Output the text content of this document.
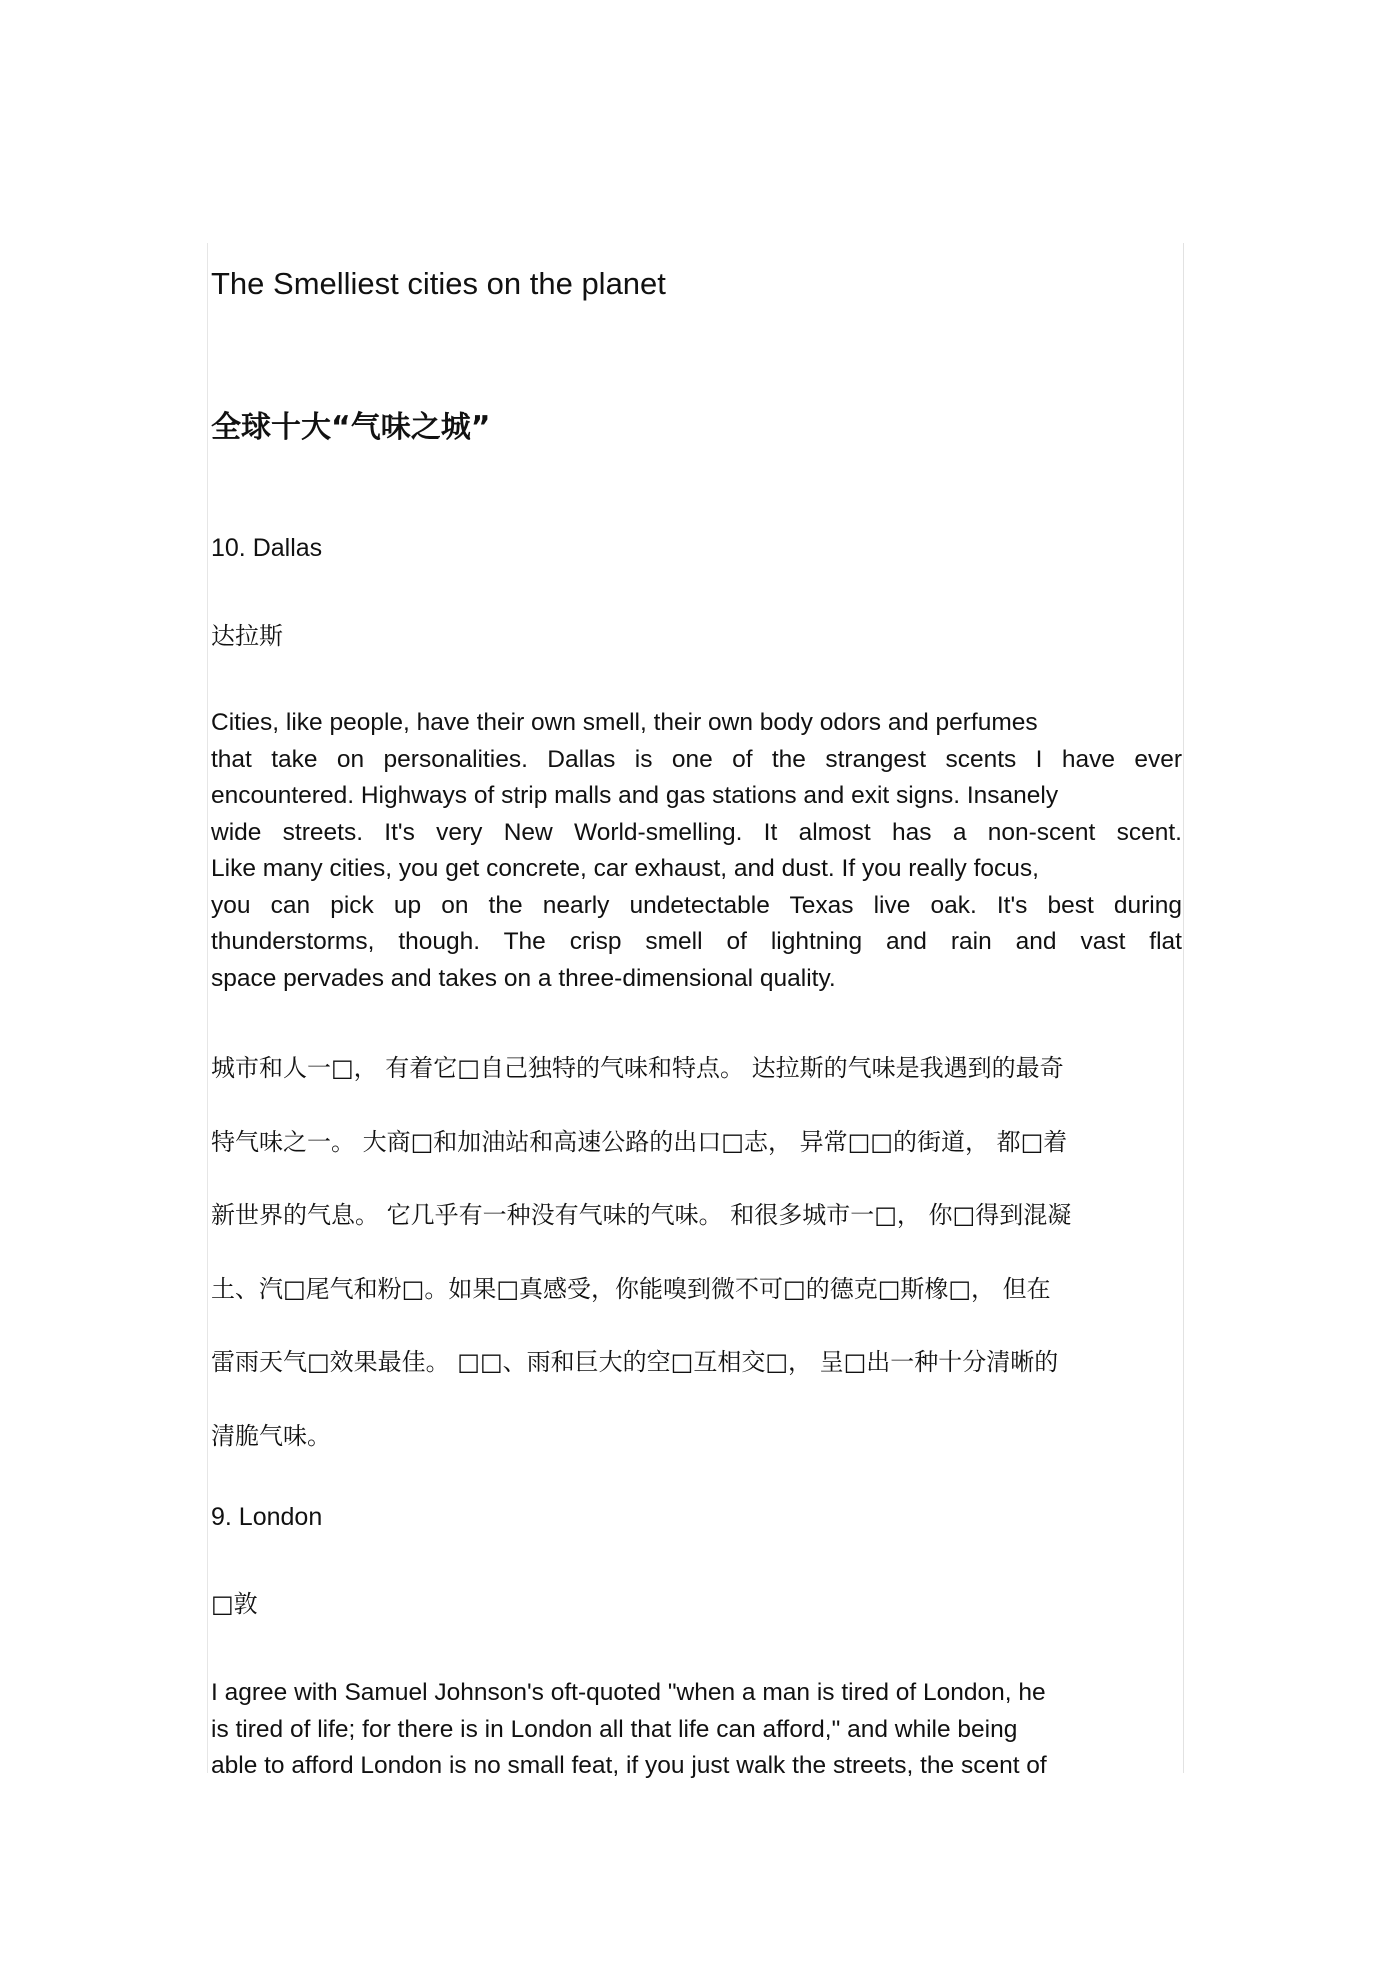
The Smelliest cities on the planet
全球十大“气味之城”
10. Dallas
达拉斯
Cities, like people, have their own smell, their own body odors and perfumes
that take on personalities. Dallas is one of the strangest scents I have ever
encountered. Highways of strip malls and gas stations and exit signs. Insanely
wide streets. It's very New World-smelling. It almost has a non-scent scent.
Like many cities, you get concrete, car exhaust, and dust. If you really focus,
you can pick up on the nearly undetectable Texas live oak. It's best during
thunderstorms, though. The crisp smell of lightning and rain and vast flat
space pervades and takes on a three-dimensional quality.
城市和人一□， 有着它□自己独特的气味和特点。 达拉斯的气味是我遇到的最奇
特气味之一。 大商□和加油站和高速公路的出口□志， 异常□□的街道， 都□着
新世界的气息。 它几乎有一种没有气味的气味。 和很多城市一□， 你□得到混凝
土、汽□尾气和粉□。如果□真感受，你能嗅到微不可□的德克□斯橡□， 但在
雷雨天气□效果最佳。 □□、雨和巨大的空□互相交□， 呈□出一种十分清晰的
清脆气味。
9. London
□敦
I agree with Samuel Johnson's oft-quoted "when a man is tired of London, he
is tired of life; for there is in London all that life can afford," and while being
able to afford London is no small feat, if you just walk the streets, the scent of
